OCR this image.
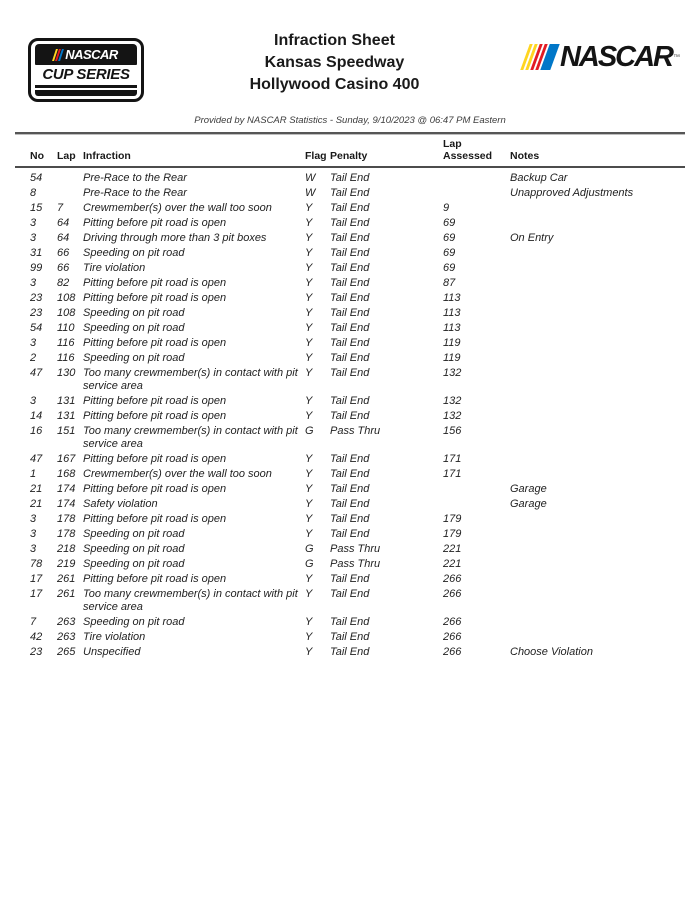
NASCAR
CUP SERIES
Infraction Sheet
Kansas Speedway
Hollywood Casino 400
NASCAR ™
Provided by NASCAR Statistics - Sunday, 9/10/2023 @ 06:47 PM Eastern
No	Lap	Infraction	Flag	Penalty	Lap Assessed	Notes
54		Pre-Race to the Rear	W	Tail End		Backup Car
8		Pre-Race to the Rear	W	Tail End		Unapproved Adjustments
15	7	Crewmember(s) over the wall too soon	Y	Tail End	9	
3	64	Pitting before pit road is open	Y	Tail End	69	
3	64	Driving through more than 3 pit boxes	Y	Tail End	69	On Entry
31	66	Speeding on pit road	Y	Tail End	69	
99	66	Tire violation	Y	Tail End	69	
3	82	Pitting before pit road is open	Y	Tail End	87	
23	108	Pitting before pit road is open	Y	Tail End	113	
23	108	Speeding on pit road	Y	Tail End	113	
54	110	Speeding on pit road	Y	Tail End	113	
3	116	Pitting before pit road is open	Y	Tail End	119	
2	116	Speeding on pit road	Y	Tail End	119	
47	130	Too many crewmember(s) in contact with pit service area	Y	Tail End	132	
3	131	Pitting before pit road is open	Y	Tail End	132	
14	131	Pitting before pit road is open	Y	Tail End	132	
16	151	Too many crewmember(s) in contact with pit service area	G	Pass Thru	156	
47	167	Pitting before pit road is open	Y	Tail End	171	
1	168	Crewmember(s) over the wall too soon	Y	Tail End	171	
21	174	Pitting before pit road is open	Y	Tail End		Garage
21	174	Safety violation	Y	Tail End		Garage
3	178	Pitting before pit road is open	Y	Tail End	179	
3	178	Speeding on pit road	Y	Tail End	179	
3	218	Speeding on pit road	G	Pass Thru	221	
78	219	Speeding on pit road	G	Pass Thru	221	
17	261	Pitting before pit road is open	Y	Tail End	266	
17	261	Too many crewmember(s) in contact with pit service area	Y	Tail End	266	
7	263	Speeding on pit road	Y	Tail End	266	
42	263	Tire violation	Y	Tail End	266	
23	265	Unspecified	Y	Tail End	266	Choose Violation
